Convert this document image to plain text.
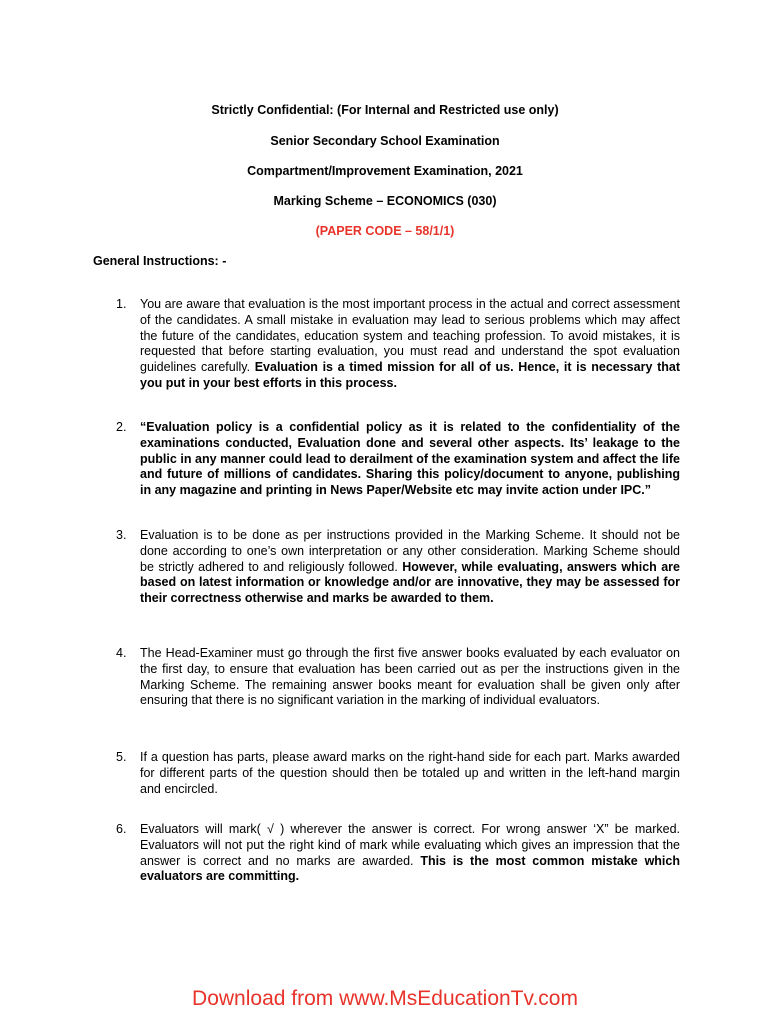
Strictly Confidential: (For Internal and Restricted use only)
Senior Secondary School Examination
Compartment/Improvement Examination, 2021
Marking Scheme – ECONOMICS (030)
(PAPER CODE – 58/1/1)
General Instructions: -
1. You are aware that evaluation is the most important process in the actual and correct assessment of the candidates. A small mistake in evaluation may lead to serious problems which may affect the future of the candidates, education system and teaching profession. To avoid mistakes, it is requested that before starting evaluation, you must read and understand the spot evaluation guidelines carefully. Evaluation is a timed mission for all of us. Hence, it is necessary that you put in your best efforts in this process.
2. “Evaluation policy is a confidential policy as it is related to the confidentiality of the examinations conducted, Evaluation done and several other aspects. Its’ leakage to the public in any manner could lead to derailment of the examination system and affect the life and future of millions of candidates. Sharing this policy/document to anyone, publishing in any magazine and printing in News Paper/Website etc may invite action under IPC.”
3. Evaluation is to be done as per instructions provided in the Marking Scheme. It should not be done according to one’s own interpretation or any other consideration. Marking Scheme should be strictly adhered to and religiously followed. However, while evaluating, answers which are based on latest information or knowledge and/or are innovative, they may be assessed for their correctness otherwise and marks be awarded to them.
4. The Head-Examiner must go through the first five answer books evaluated by each evaluator on the first day, to ensure that evaluation has been carried out as per the instructions given in the Marking Scheme. The remaining answer books meant for evaluation shall be given only after ensuring that there is no significant variation in the marking of individual evaluators.
5. If a question has parts, please award marks on the right-hand side for each part. Marks awarded for different parts of the question should then be totaled up and written in the left-hand margin and encircled.
6. Evaluators will mark( √ ) wherever the answer is correct. For wrong answer ‘X” be marked. Evaluators will not put the right kind of mark while evaluating which gives an impression that the answer is correct and no marks are awarded. This is the most common mistake which evaluators are committing.
Download from www.MsEducationTv.com
